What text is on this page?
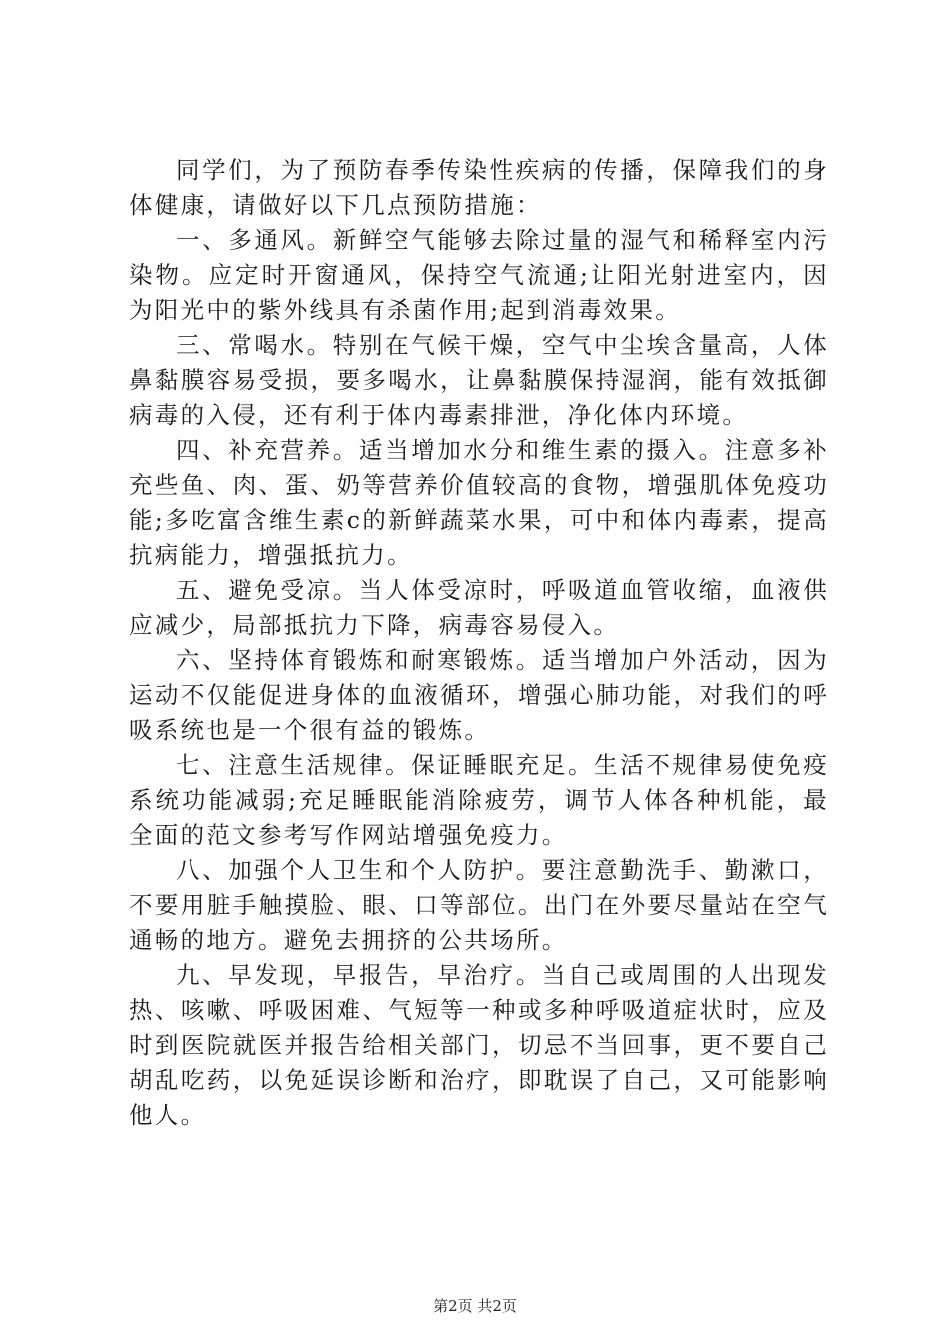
同学们，为了预防春季传染性疾病的传播，保障我们的身体健康，请做好以下几点预防措施：

一、多通风。新鲜空气能够去除过量的湿气和稀释室内污染物。应定时开窗通风，保持空气流通;让阳光射进室内，因为阳光中的紫外线具有杀菌作用;起到消毒效果。

三、常喝水。特别在气候干燥，空气中尘埃含量高，人体鼻黏膜容易受损，要多喝水，让鼻黏膜保持湿润，能有效抵御病毒的入侵，还有利于体内毒素排泄，净化体内环境。

四、补充营养。适当增加水分和维生素的摄入。注意多补充些鱼、肉、蛋、奶等营养价值较高的食物，增强肌体免疫功能;多吃富含维生素c的新鲜蔬菜水果，可中和体内毒素，提高抗病能力，增强抵抗力。

五、避免受凉。当人体受凉时，呼吸道血管收缩，血液供应减少，局部抵抗力下降，病毒容易侵入。

六、坚持体育锻炼和耐寒锻炼。适当增加户外活动，因为运动不仅能促进身体的血液循环，增强心肺功能，对我们的呼吸系统也是一个很有益的锻炼。

七、注意生活规律。保证睡眠充足。生活不规律易使免疫系统功能减弱;充足睡眠能消除疲劳，调节人体各种机能，最全面的范文参考写作网站增强免疫力。

八、加强个人卫生和个人防护。要注意勤洗手、勤漱口，不要用脏手触摸脸、眼、口等部位。出门在外要尽量站在空气通畅的地方。避免去拥挤的公共场所。

九、早发现，早报告，早治疗。当自己或周围的人出现发热、咳嗽、呼吸困难、气短等一种或多种呼吸道症状时，应及时到医院就医并报告给相关部门，切忌不当回事，更不要自己胡乱吃药，以免延误诊断和治疗，即耽误了自己，又可能影响他人。

第2页 共2页
